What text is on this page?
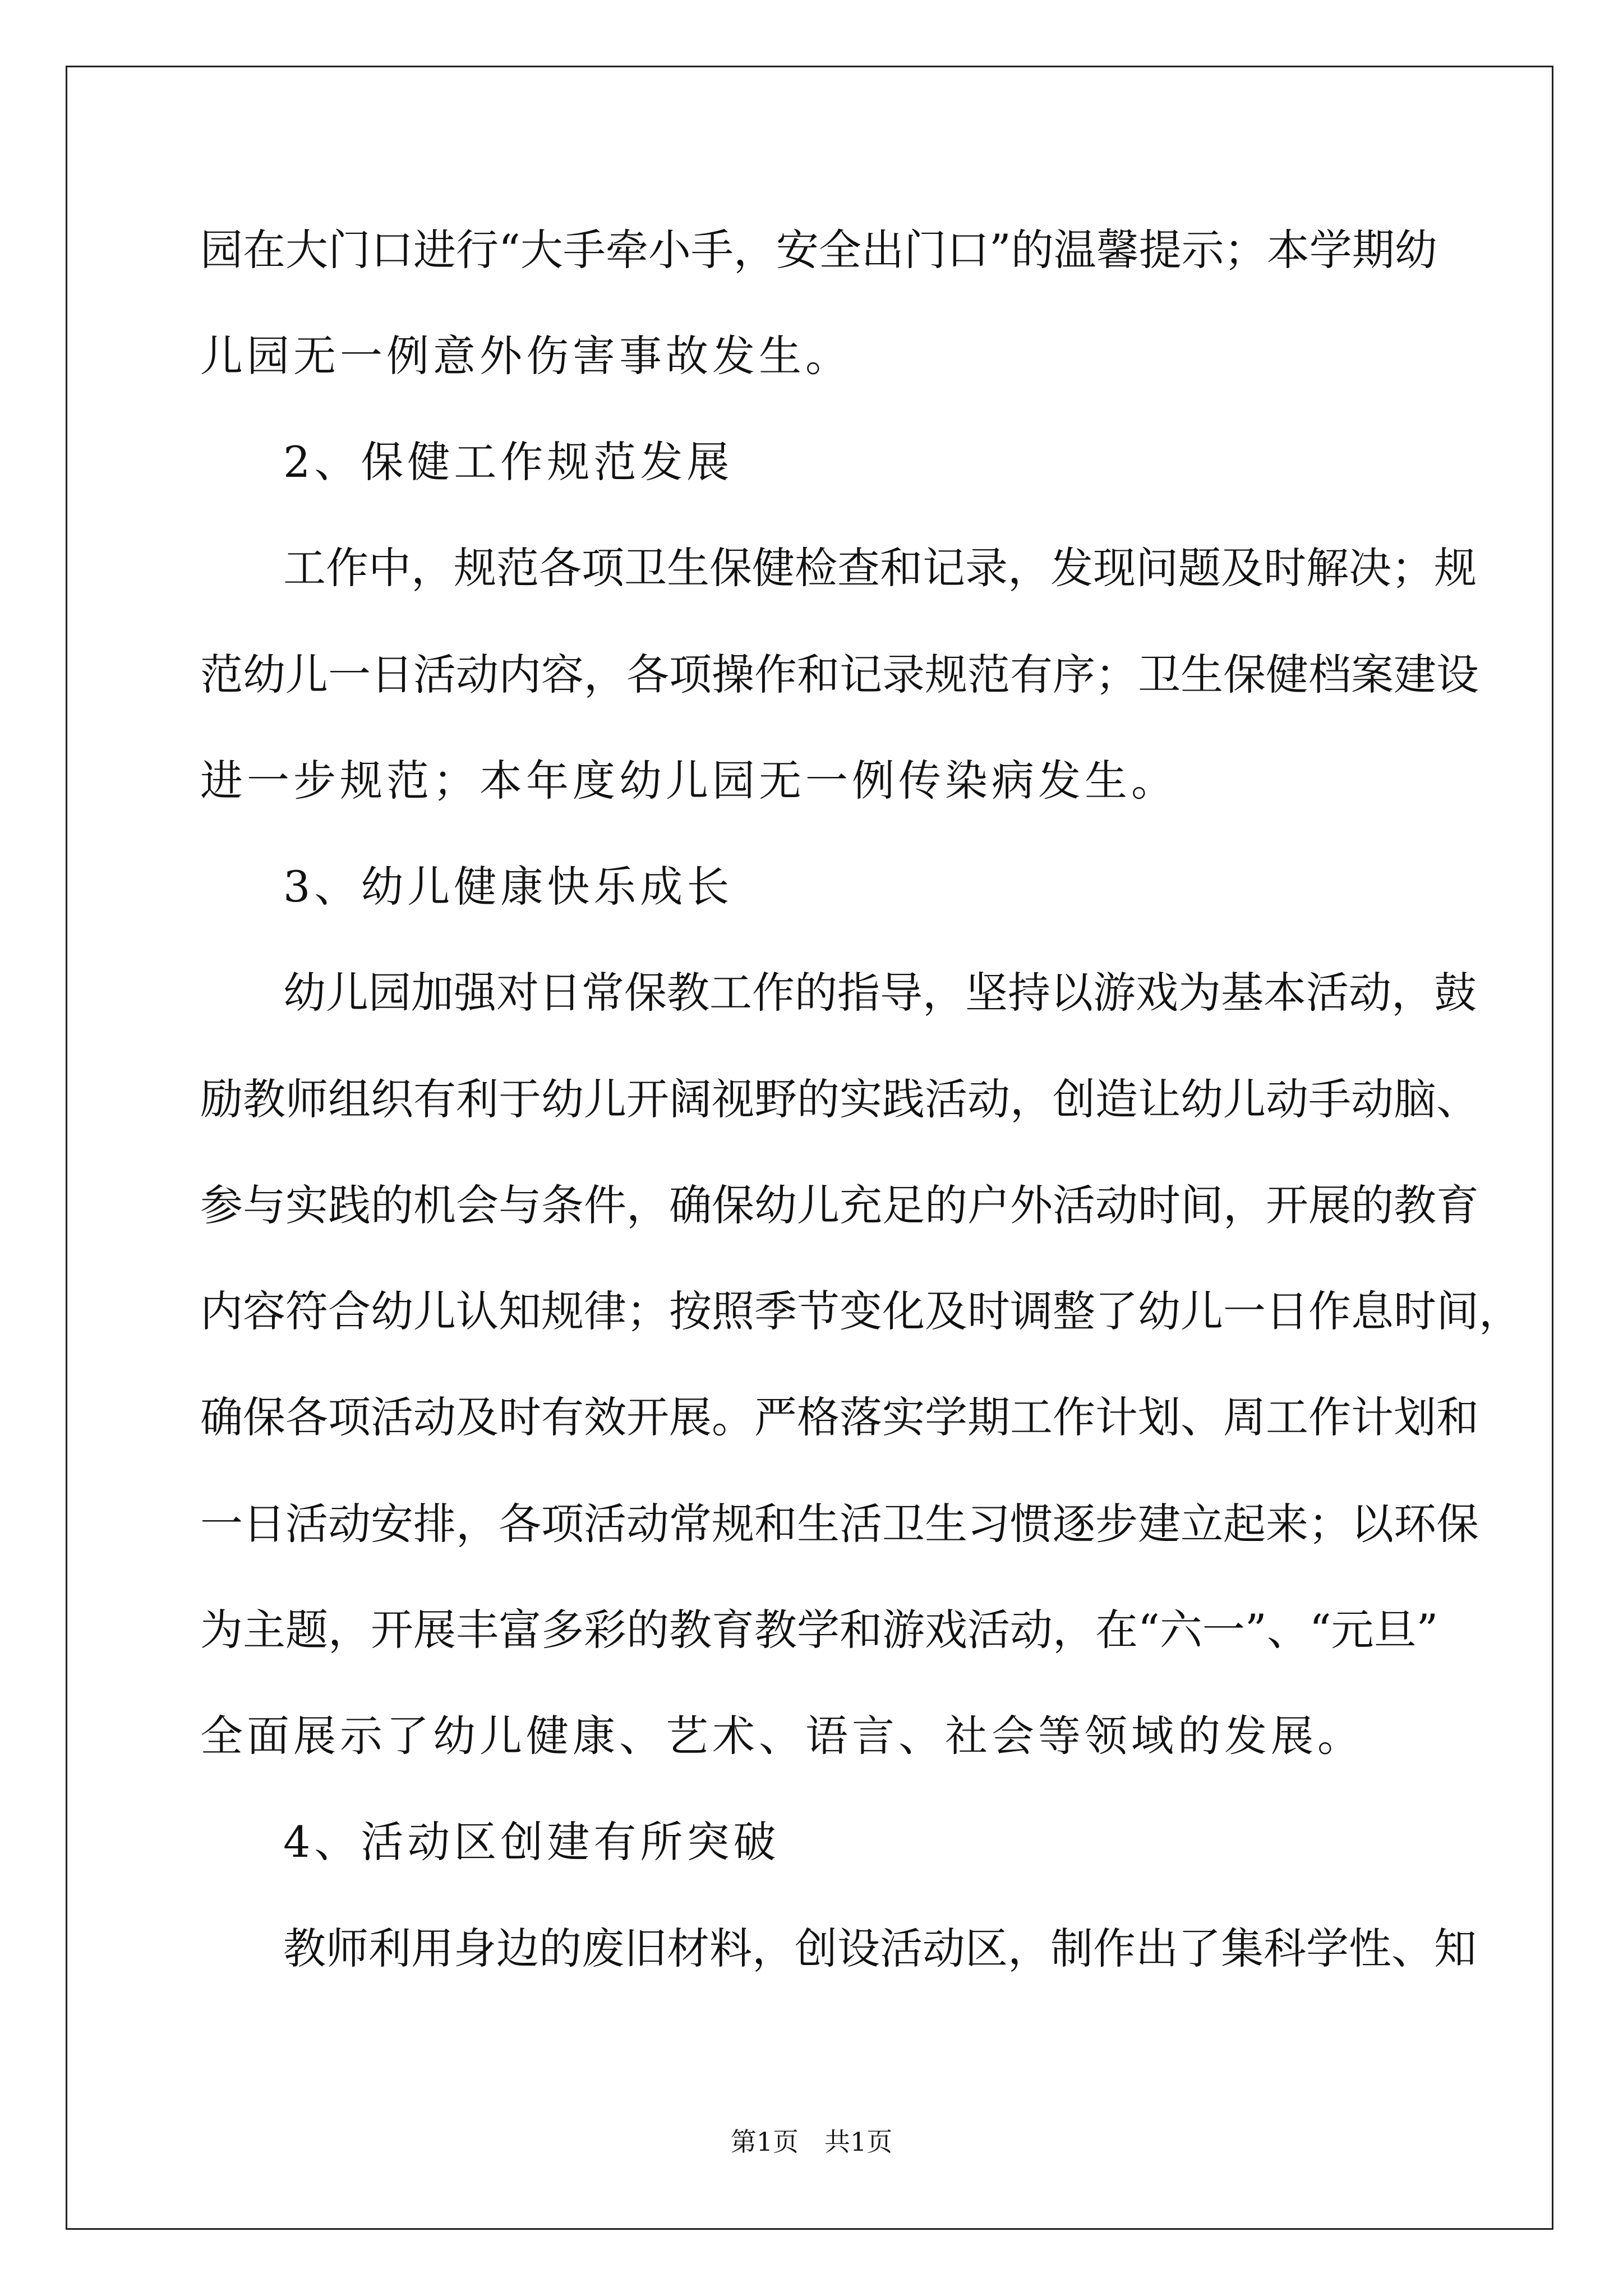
园在大门口进行“大手牵小手，安全出门口”的温馨提示；本学期幼
儿园无一例意外伤害事故发生。
2、保健工作规范发展
工作中，规范各项卫生保健检查和记录，发现问题及时解决；规
范幼儿一日活动内容，各项操作和记录规范有序；卫生保健档案建设
进一步规范；本年度幼儿园无一例传染病发生。
3、幼儿健康快乐成长
幼儿园加强对日常保教工作的指导，坚持以游戏为基本活动，鼓
励教师组织有利于幼儿开阔视野的实践活动，创造让幼儿动手动脑、
参与实践的机会与条件，确保幼儿充足的户外活动时间，开展的教育
内容符合幼儿认知规律；按照季节变化及时调整了幼儿一日作息时间，
确保各项活动及时有效开展。严格落实学期工作计划、周工作计划和
一日活动安排，各项活动常规和生活卫生习惯逐步建立起来；以环保
为主题，开展丰富多彩的教育教学和游戏活动，在“六一”、“元旦”
全面展示了幼儿健康、艺术、语言、社会等领域的发展。
4、活动区创建有所突破
教师利用身边的废旧材料，创设活动区，制作出了集科学性、知
第1页　共1页
